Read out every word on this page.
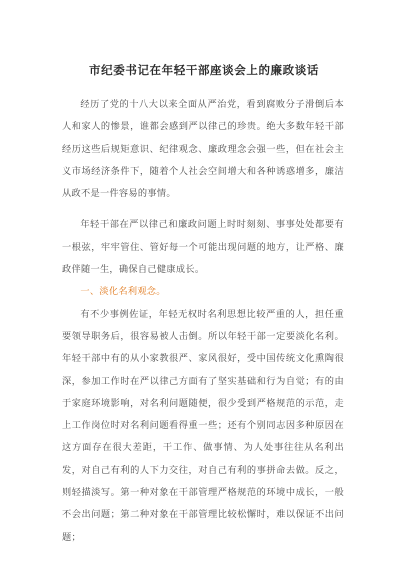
市纪委书记在年轻干部座谈会上的廉政谈话

经历了党的十八大以来全面从严治党，看到腐败分子滑倒后本人和家人的惨景，谁都会感到严以律己的珍贵。绝大多数年轻干部经历这些后规矩意识、纪律观念、廉政理念会强一些，但在社会主义市场经济条件下，随着个人社会空间增大和各种诱惑增多，廉洁从政不是一件容易的事情。

年轻干部在严以律己和廉政问题上时时刻刻、事事处处都要有一根弦，牢牢管住、管好每一个可能出现问题的地方，让严格、廉政伴随一生，确保自己健康成长。

一、淡化名利观念。

有不少事例佐证，年轻无权时名利思想比较严重的人，担任重要领导职务后，很容易被人击倒。所以年轻干部一定要淡化名利。年轻干部中有的从小家教很严、家风很好，受中国传统文化熏陶很深，参加工作时在严以律己方面有了坚实基础和行为自觉；有的由于家庭环境影响，对名利问题随便，很少受到严格规范的示范，走上工作岗位时对名利问题看得重一些；还有个别同志因多种原因在这方面存在很大差距，干工作、做事情、为人处事往往从名利出发，对自己有利的人下力交往，对自己有利的事拼命去做。反之，则轻描淡写。第一种对象在干部管理严格规范的环境中成长，一般不会出问题；第二种对象在干部管理比较松懈时，难以保证不出问题；
